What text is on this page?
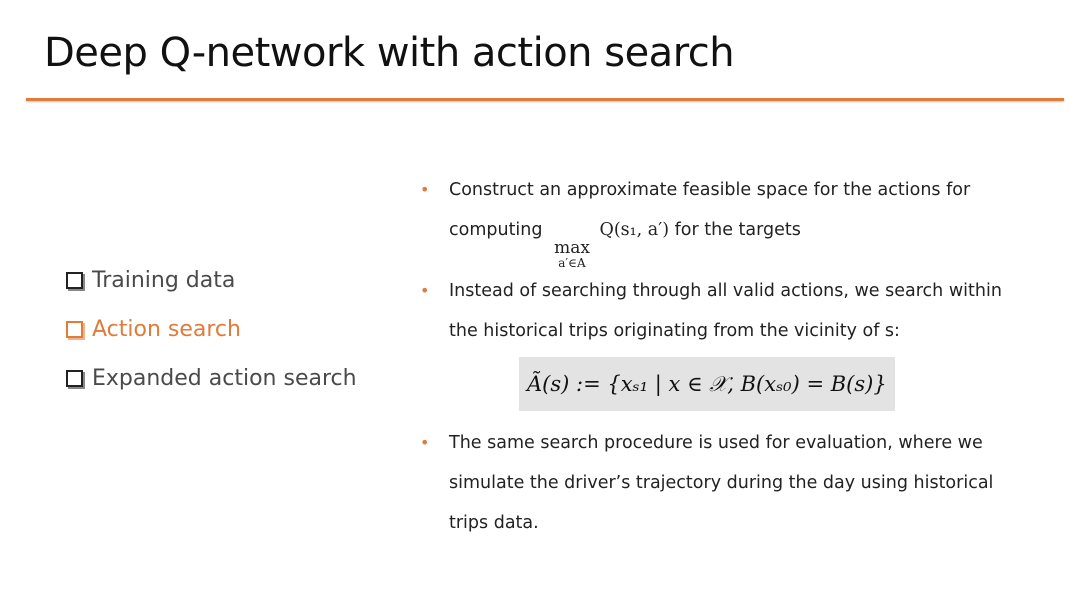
Deep Q-network with action search
Training data
Action search
Expanded action search
• Construct an approximate feasible space for the actions for
computing
max
a′∈A
Q(s₁, a′) for the targets
• Instead of searching through all valid actions, we search within
the historical trips originating from the vicinity of s:
Ã(s) := {xₛ₁ | x ∈ 𝒳, B(xₛ₀) = B(s)}
• The same search procedure is used for evaluation, where we
simulate the driver’s trajectory during the day using historical
trips data.
